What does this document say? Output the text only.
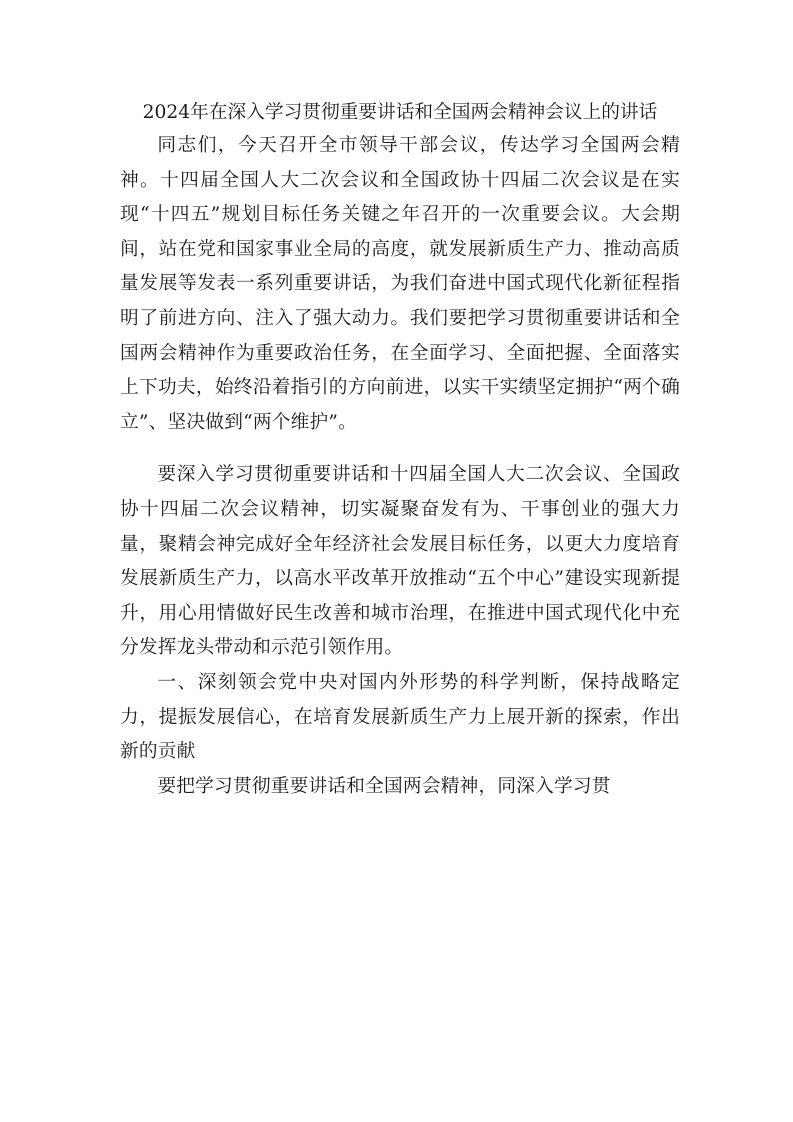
2024年在深入学习贯彻重要讲话和全国两会精神会议上的讲话

同志们，今天召开全市领导干部会议，传达学习全国两会精神。十四届全国人大二次会议和全国政协十四届二次会议是在实现“十四五”规划目标任务关键之年召开的一次重要会议。大会期间，站在党和国家事业全局的高度，就发展新质生产力、推动高质量发展等发表一系列重要讲话，为我们奋进中国式现代化新征程指明了前进方向、注入了强大动力。我们要把学习贯彻重要讲话和全国两会精神作为重要政治任务，在全面学习、全面把握、全面落实上下功夫，始终沿着指引的方向前进，以实干实绩坚定拥护“两个确立”、坚决做到“两个维护”。

要深入学习贯彻重要讲话和十四届全国人大二次会议、全国政协十四届二次会议精神，切实凝聚奋发有为、干事创业的强大力量，聚精会神完成好全年经济社会发展目标任务，以更大力度培育发展新质生产力，以高水平改革开放推动“五个中心”建设实现新提升，用心用情做好民生改善和城市治理，在推进中国式现代化中充分发挥龙头带动和示范引领作用。

一、深刻领会党中央对国内外形势的科学判断，保持战略定力，提振发展信心，在培育发展新质生产力上展开新的探索，作出新的贡献

要把学习贯彻重要讲话和全国两会精神，同深入学习贯
